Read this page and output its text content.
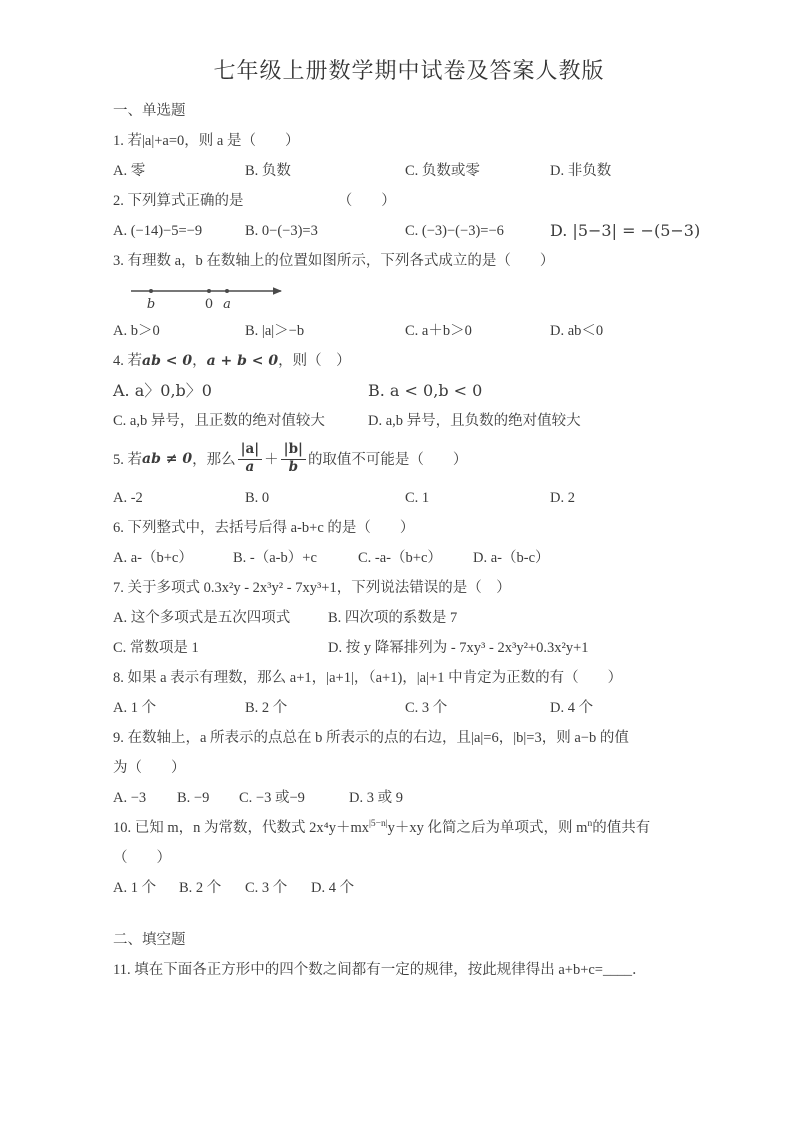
七年级上册数学期中试卷及答案人教版

一、单选题

1. 若|a|+a=0，则 a 是（　　）

A. 零	B. 负数	C. 负数或零	D. 非负数

2. 下列算式正确的是　　　　　　　（　　）

A. (−14)−5=−9	B. 0−(−3)=3	C. (−3)−(−3)=−6	D. |5−3| = −(5−3)

3. 有理数 a，b 在数轴上的位置如图所示，下列各式成立的是（　　）

b	0 a
A. b＞0	B. |a|＞−b	C. a＋b＞0	D. ab＜0

4. 若ab < 0，a + b < 0，则（　）

A. a〉0,b〉0	B. a < 0,b < 0
C. a,b 异号，且正数的绝对值较大	D. a,b 异号，且负数的绝对值较大
5. 若 ab ≠ 0 ，那么 $\frac{|a|}{a} + \frac{|b|}{b}$ 的取值不可能是（　　）
A. -2	B. 0	C. 1	D. 2

6. 下列整式中，去括号后得 a-b+c 的是（　　）

A. a-（b+c）	B. -（a-b）+c	C. -a-（b+c）	D. a-（b-c）

7. 关于多项式 0.3x²y - 2x³y² - 7xy³+1，下列说法错误的是（　）

A. 这个多项式是五次四项式	B. 四次项的系数是 7
C. 常数项是 1	D. 按 y 降幂排列为 - 7xy³ - 2x³y²+0.3x²y+1

8. 如果 a 表示有理数，那么 a+1，|a+1|，（a+1)，|a|+1 中肯定为正数的有（　　）

A. 1 个	B. 2 个	C. 3 个	D. 4 个

9. 在数轴上，a 所表示的点总在 b 所表示的点的右边，且|a|=6，|b|=3，则 a−b 的值

为（　　）

A. −3	B. −9	C. −3 或−9	D. 3 或 9

10. 已知 m，n 为常数，代数式 $2x^4y+mx^{|5-n|}y+xy$ 化简之后为单项式，则 $m^n$的值共有

（　　）

A. 1 个	B. 2 个	C. 3 个	D. 4 个

二、填空题

11. 填在下面各正方形中的四个数之间都有一定的规律，按此规律得出 a+b+c=____．
